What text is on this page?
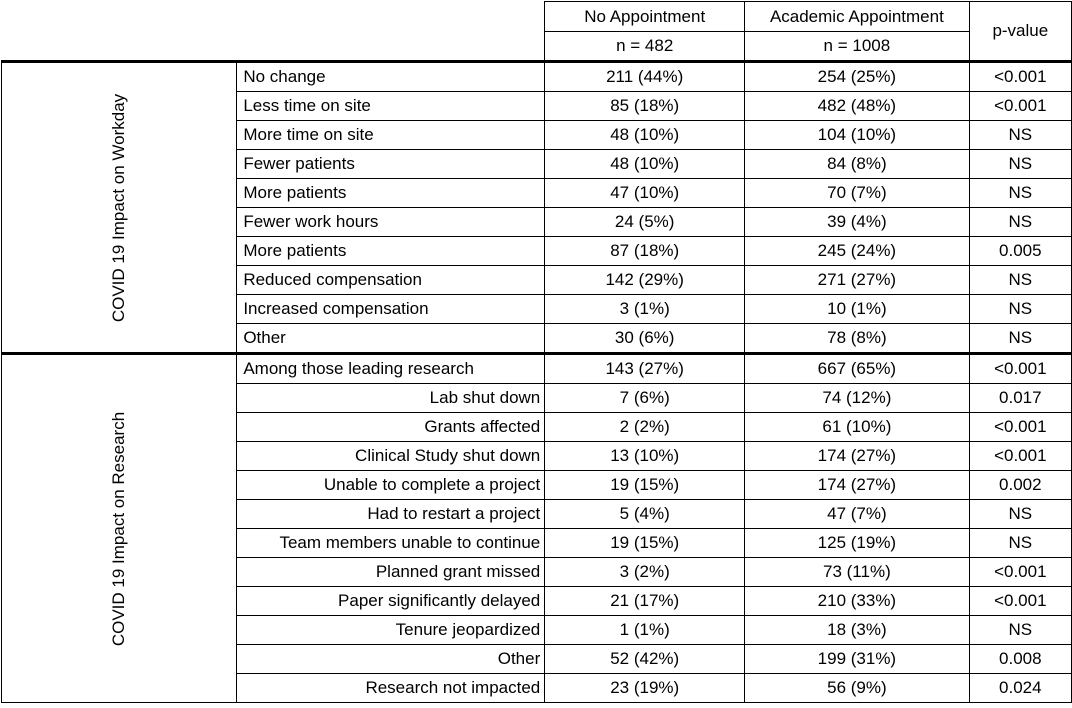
		No Appointment	Academic Appointment	p-value
		n = 482	n = 1008	
COVID 19 Impact on Workday	No change	211 (44%)	254 (25%)	<0.001
	Less time on site	85 (18%)	482 (48%)	<0.001
	More time on site	48 (10%)	104 (10%)	NS
	Fewer patients	48 (10%)	84 (8%)	NS
	More patients	47 (10%)	70 (7%)	NS
	Fewer work hours	24 (5%)	39 (4%)	NS
	More patients	87 (18%)	245 (24%)	0.005
	Reduced compensation	142 (29%)	271 (27%)	NS
	Increased compensation	3 (1%)	10 (1%)	NS
	Other	30 (6%)	78 (8%)	NS
COVID 19 Impact on Research	Among those leading research	143 (27%)	667 (65%)	<0.001
	Lab shut down	7 (6%)	74 (12%)	0.017
	Grants affected	2 (2%)	61 (10%)	<0.001
	Clinical Study shut down	13 (10%)	174 (27%)	<0.001
	Unable to complete a project	19 (15%)	174 (27%)	0.002
	Had to restart a project	5 (4%)	47 (7%)	NS
	Team members unable to continue	19 (15%)	125 (19%)	NS
	Planned grant missed	3 (2%)	73 (11%)	<0.001
	Paper significantly delayed	21 (17%)	210 (33%)	<0.001
	Tenure jeopardized	1 (1%)	18 (3%)	NS
	Other	52 (42%)	199 (31%)	0.008
	Research not impacted	23 (19%)	56 (9%)	0.024
